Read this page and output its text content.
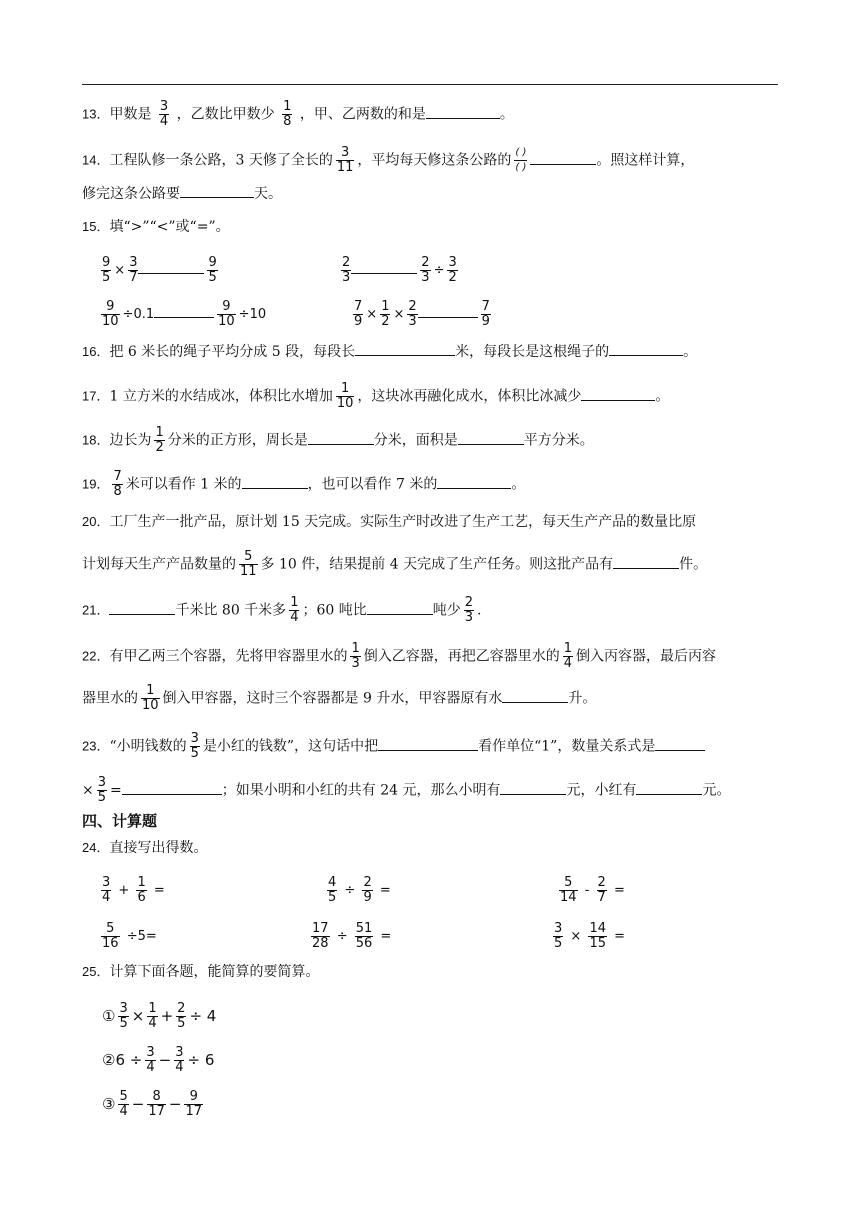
13．甲数是 $\frac{3}{4}$ ，乙数比甲数少 $\frac{1}{8}$ ，甲、乙两数的和是	。
14．工程队修一条公路，3 天修了全长的 $\frac{3}{11}$ ，平均每天修这条公路的 $\frac{( )}{( )}$	。照这样计算，
修完这条公路要	天。
15．填“>”“<”或“=”。
$\frac{9}{5} \times \frac{3}{7}$	$\frac{9}{5}$	$\frac{2}{3}$	$\frac{2}{3} \div \frac{3}{2}$
$\frac{9}{10} \div 0.1$	$\frac{9}{10} \div 10$	$\frac{7}{9} \times \frac{1}{2} \times \frac{2}{3}$	$\frac{7}{9}$
16．把 6 米长的绳子平均分成 5 段，每段长	米，每段长是这根绳子的	。
17．1 立方米的水结成冰，体积比水增加 $\frac{1}{10}$ ，这块冰再融化成水，体积比冰减少	。
18．边长为 $\frac{1}{2}$ 分米的正方形，周长是	分米，面积是	平方分米。
19． $\frac{7}{8}$ 米可以看作 1 米的	，也可以看作 7 米的	。
20．工厂生产一批产品，原计划 15 天完成。实际生产时改进了生产工艺，每天生产产品的数量比原
计划每天生产产品数量的 $\frac{5}{11}$ 多 10 件，结果提前 4 天完成了生产任务。则这批产品有	件。
21．	千米比 80 千米多 $\frac{1}{4}$ ；60 吨比	吨少 $\frac{2}{3}$ .
22．有甲乙两三个容器，先将甲容器里水的 $\frac{1}{3}$ 倒入乙容器，再把乙容器里水的 $\frac{1}{4}$ 倒入丙容器，最后丙容
器里水的 $\frac{1}{10}$ 倒入甲容器，这时三个容器都是 9 升水，甲容器原有水	升。
23．“小明钱数的 $\frac{3}{5}$ 是小红的钱数”，这句话中把	看作单位“1”，数量关系式是
× $\frac{3}{5}$ =	；如果小明和小红的共有 24 元，那么小明有	元，小红有	元。
四、计算题
24．直接写出得数。
$\frac{3}{4} + \frac{1}{6}$ =	$\frac{4}{5} \div \frac{2}{9}$ =	$\frac{5}{14} - \frac{2}{7}$ =
$\frac{5}{16} \div 5=$	$\frac{17}{28} \div \frac{51}{56}$ =	$\frac{3}{5} \times \frac{14}{15}$ =
25．计算下面各题，能简算的要简算。
① $\frac{3}{5} \times \frac{1}{4} + \frac{2}{5} \div 4$
②6 ÷ $\frac{3}{4} - \frac{3}{4} \div 6$
③ $\frac{5}{4} - \frac{8}{17} - \frac{9}{17}$
